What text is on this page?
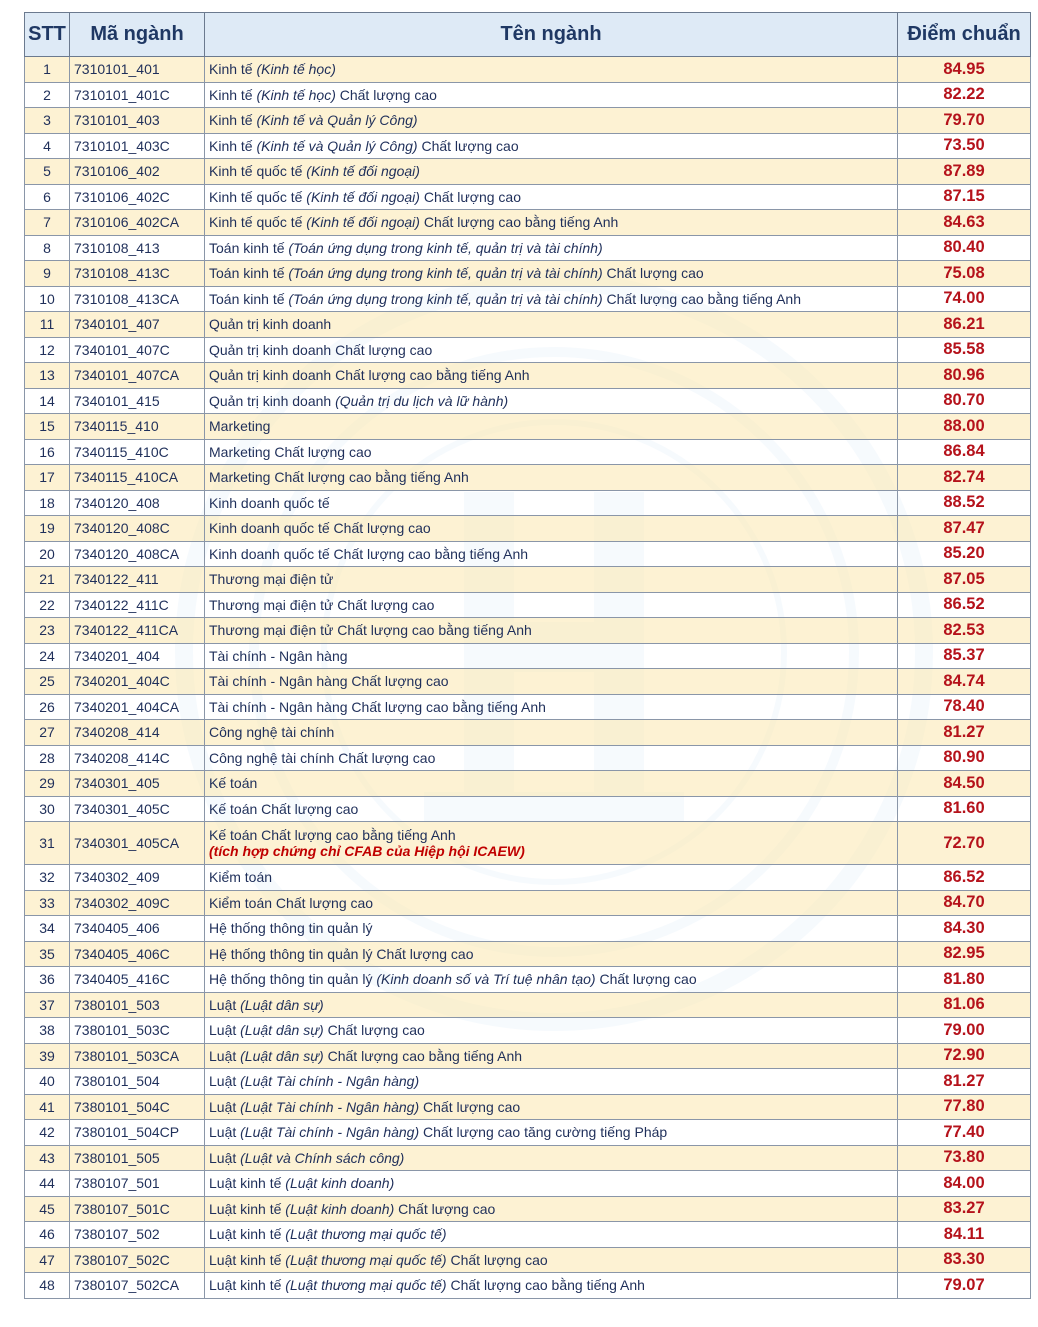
STT	Mã ngành	Tên ngành	Điểm chuẩn
1	7310101_401	Kinh tế (Kinh tế học)	84.95
2	7310101_401C	Kinh tế (Kinh tế học) Chất lượng cao	82.22
3	7310101_403	Kinh tế (Kinh tế và Quản lý Công)	79.70
4	7310101_403C	Kinh tế (Kinh tế và Quản lý Công) Chất lượng cao	73.50
5	7310106_402	Kinh tế quốc tế (Kinh tế đối ngoại)	87.89
6	7310106_402C	Kinh tế quốc tế (Kinh tế đối ngoại) Chất lượng cao	87.15
7	7310106_402CA	Kinh tế quốc tế (Kinh tế đối ngoại) Chất lượng cao bằng tiếng Anh	84.63
8	7310108_413	Toán kinh tế (Toán ứng dụng trong kinh tế, quản trị và tài chính)	80.40
9	7310108_413C	Toán kinh tế (Toán ứng dụng trong kinh tế, quản trị và tài chính) Chất lượng cao	75.08
10	7310108_413CA	Toán kinh tế (Toán ứng dụng trong kinh tế, quản trị và tài chính) Chất lượng cao bằng tiếng Anh	74.00
11	7340101_407	Quản trị kinh doanh	86.21
12	7340101_407C	Quản trị kinh doanh Chất lượng cao	85.58
13	7340101_407CA	Quản trị kinh doanh Chất lượng cao bằng tiếng Anh	80.96
14	7340101_415	Quản trị kinh doanh (Quản trị du lịch và lữ hành)	80.70
15	7340115_410	Marketing	88.00
16	7340115_410C	Marketing Chất lượng cao	86.84
17	7340115_410CA	Marketing Chất lượng cao bằng tiếng Anh	82.74
18	7340120_408	Kinh doanh quốc tế	88.52
19	7340120_408C	Kinh doanh quốc tế Chất lượng cao	87.47
20	7340120_408CA	Kinh doanh quốc tế Chất lượng cao bằng tiếng Anh	85.20
21	7340122_411	Thương mại điện tử	87.05
22	7340122_411C	Thương mại điện tử Chất lượng cao	86.52
23	7340122_411CA	Thương mại điện tử Chất lượng cao bằng tiếng Anh	82.53
24	7340201_404	Tài chính - Ngân hàng	85.37
25	7340201_404C	Tài chính - Ngân hàng Chất lượng cao	84.74
26	7340201_404CA	Tài chính - Ngân hàng Chất lượng cao bằng tiếng Anh	78.40
27	7340208_414	Công nghệ tài chính	81.27
28	7340208_414C	Công nghệ tài chính Chất lượng cao	80.90
29	7340301_405	Kế toán	84.50
30	7340301_405C	Kế toán Chất lượng cao	81.60
31	7340301_405CA	Kế toán Chất lượng cao bằng tiếng Anh
(tích hợp chứng chỉ CFAB của Hiệp hội ICAEW)	72.70
32	7340302_409	Kiểm toán	86.52
33	7340302_409C	Kiểm toán Chất lượng cao	84.70
34	7340405_406	Hệ thống thông tin quản lý	84.30
35	7340405_406C	Hệ thống thông tin quản lý Chất lượng cao	82.95
36	7340405_416C	Hệ thống thông tin quản lý (Kinh doanh số và Trí tuệ nhân tạo) Chất lượng cao	81.80
37	7380101_503	Luật (Luật dân sự)	81.06
38	7380101_503C	Luật (Luật dân sự) Chất lượng cao	79.00
39	7380101_503CA	Luật (Luật dân sự) Chất lượng cao bằng tiếng Anh	72.90
40	7380101_504	Luật (Luật Tài chính - Ngân hàng)	81.27
41	7380101_504C	Luật (Luật Tài chính - Ngân hàng) Chất lượng cao	77.80
42	7380101_504CP	Luật (Luật Tài chính - Ngân hàng) Chất lượng cao tăng cường tiếng Pháp	77.40
43	7380101_505	Luật (Luật và Chính sách công)	73.80
44	7380107_501	Luật kinh tế (Luật kinh doanh)	84.00
45	7380107_501C	Luật kinh tế (Luật kinh doanh) Chất lượng cao	83.27
46	7380107_502	Luật kinh tế (Luật thương mại quốc tế)	84.11
47	7380107_502C	Luật kinh tế (Luật thương mại quốc tế) Chất lượng cao	83.30
48	7380107_502CA	Luật kinh tế (Luật thương mại quốc tế) Chất lượng cao bằng tiếng Anh	79.07
